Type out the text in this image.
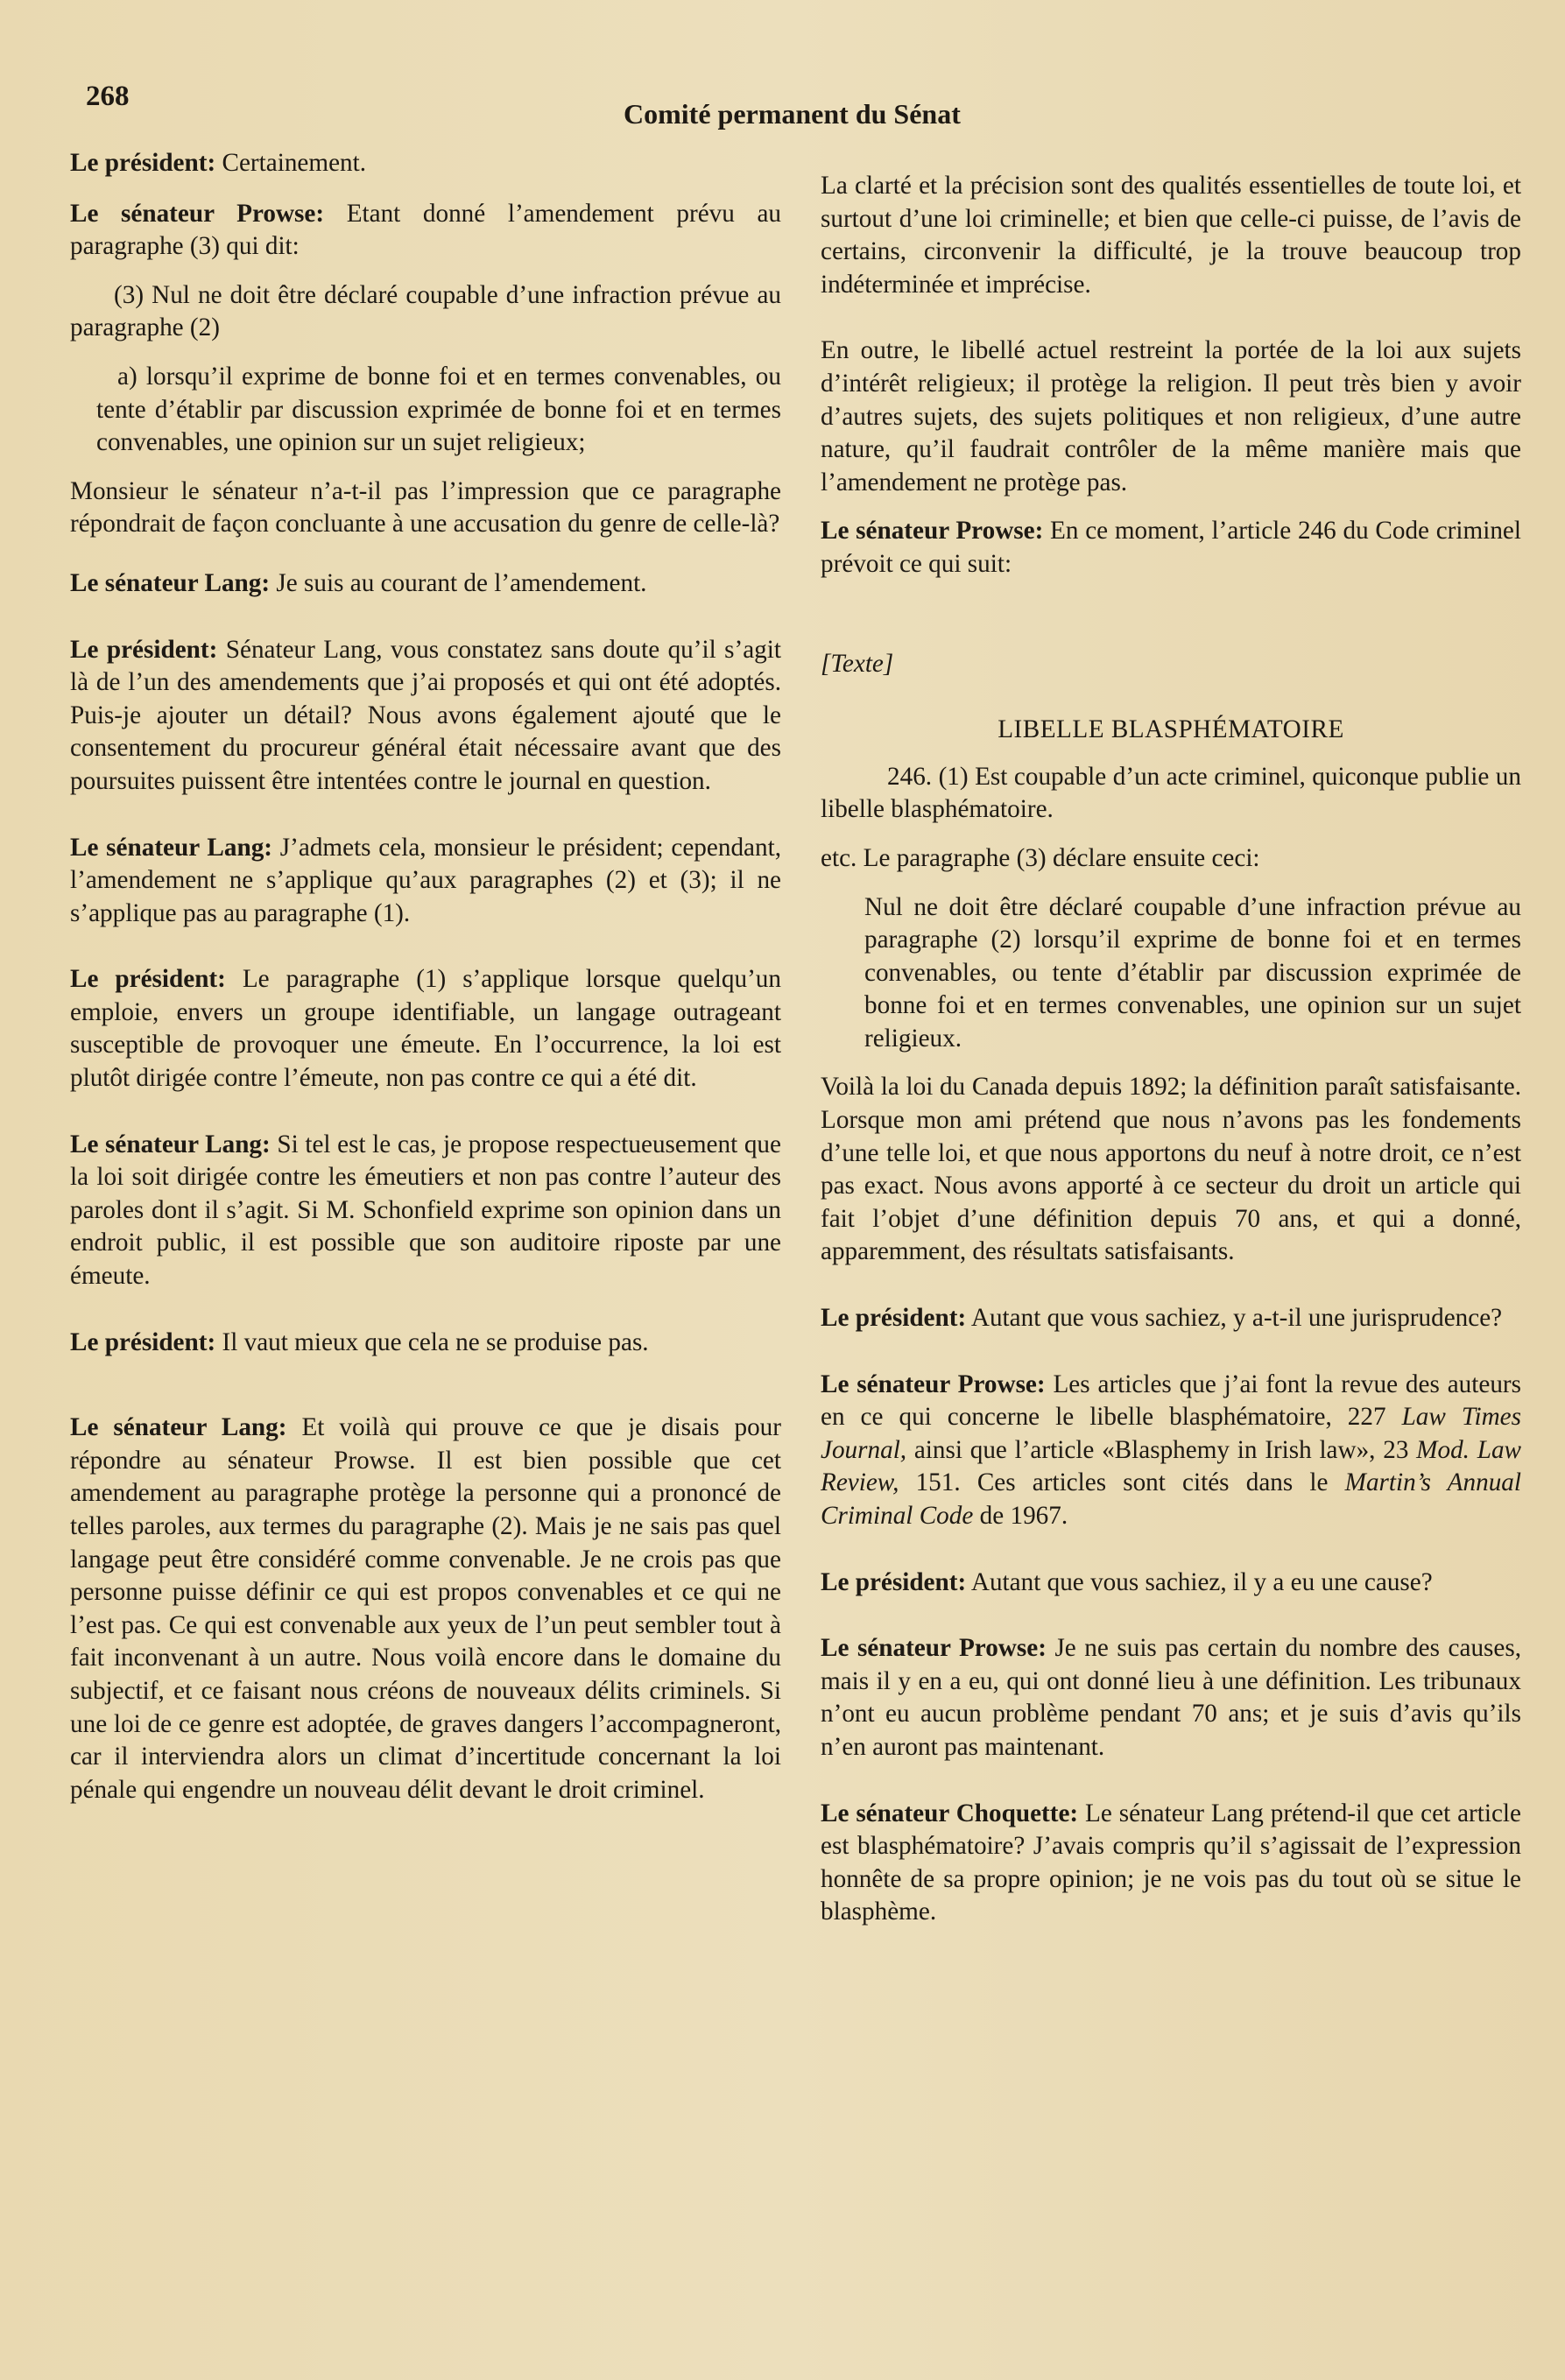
268
Comité permanent du Sénat

Le président: Certainement.

Le sénateur Prowse: Etant donné l’amendement prévu au paragraphe (3) qui dit:

(3) Nul ne doit être déclaré coupable d’une infraction prévue au paragraphe (2)

a) lorsqu’il exprime de bonne foi et en termes convenables, ou tente d’établir par discussion exprimée de bonne foi et en termes convenables, une opinion sur un sujet religieux;

Monsieur le sénateur n’a-t-il pas l’impression que ce paragraphe répondrait de façon concluante à une accusation du genre de celle-là?

Le sénateur Lang: Je suis au courant de l’amendement.

Le président: Sénateur Lang, vous constatez sans doute qu’il s’agit là de l’un des amendements que j’ai proposés et qui ont été adoptés. Puis-je ajouter un détail? Nous avons également ajouté que le consentement du procureur général était nécessaire avant que des poursuites puissent être intentées contre le journal en question.

Le sénateur Lang: J’admets cela, monsieur le président; cependant, l’amendement ne s’applique qu’aux paragraphes (2) et (3); il ne s’applique pas au paragraphe (1).

Le président: Le paragraphe (1) s’applique lorsque quelqu’un emploie, envers un groupe identifiable, un langage outrageant susceptible de provoquer une émeute. En l’occurrence, la loi est plutôt dirigée contre l’émeute, non pas contre ce qui a été dit.

Le sénateur Lang: Si tel est le cas, je propose respectueusement que la loi soit dirigée contre les émeutiers et non pas contre l’auteur des paroles dont il s’agit. Si M. Schonfield exprime son opinion dans un endroit public, il est possible que son auditoire riposte par une émeute.

Le président: Il vaut mieux que cela ne se produise pas.

Le sénateur Lang: Et voilà qui prouve ce que je disais pour répondre au sénateur Prowse. Il est bien possible que cet amendement au paragraphe protège la personne qui a prononcé de telles paroles, aux termes du paragraphe (2). Mais je ne sais pas quel langage peut être considéré comme convenable. Je ne crois pas que personne puisse définir ce qui est propos convenables et ce qui ne l’est pas. Ce qui est convenable aux yeux de l’un peut sembler tout à fait inconvenant à un autre. Nous voilà encore dans le domaine du subjectif, et ce faisant nous créons de nouveaux délits criminels. Si une loi de ce genre est adoptée, de graves dangers l’accompagneront, car il interviendra alors un climat d’incertitude concernant la loi pénale qui engendre un nouveau délit devant le droit criminel.

La clarté et la précision sont des qualités essentielles de toute loi, et surtout d’une loi criminelle; et bien que celle-ci puisse, de l’avis de certains, circonvenir la difficulté, je la trouve beaucoup trop indéterminée et imprécise.

En outre, le libellé actuel restreint la portée de la loi aux sujets d’intérêt religieux; il protège la religion. Il peut très bien y avoir d’autres sujets, des sujets politiques et non religieux, d’une autre nature, qu’il faudrait contrôler de la même manière mais que l’amendement ne protège pas.

Le sénateur Prowse: En ce moment, l’article 246 du Code criminel prévoit ce qui suit:

[Texte]

LIBELLE BLASPHÉMATOIRE

246. (1) Est coupable d’un acte criminel, quiconque publie un libelle blasphématoire.

etc. Le paragraphe (3) déclare ensuite ceci:

Nul ne doit être déclaré coupable d’une infraction prévue au paragraphe (2) lorsqu’il exprime de bonne foi et en termes convenables, ou tente d’établir par discussion exprimée de bonne foi et en termes convenables, une opinion sur un sujet religieux.

Voilà la loi du Canada depuis 1892; la définition paraît satisfaisante. Lorsque mon ami prétend que nous n’avons pas les fondements d’une telle loi, et que nous apportons du neuf à notre droit, ce n’est pas exact. Nous avons apporté à ce secteur du droit un article qui fait l’objet d’une définition depuis 70 ans, et qui a donné, apparemment, des résultats satisfaisants.

Le président: Autant que vous sachiez, y a-t-il une jurisprudence?

Le sénateur Prowse: Les articles que j’ai font la revue des auteurs en ce qui concerne le libelle blasphématoire, 227 Law Times Journal, ainsi que l’article «Blasphemy in Irish law», 23 Mod. Law Review, 151. Ces articles sont cités dans le Martin’s Annual Criminal Code de 1967.

Le président: Autant que vous sachiez, il y a eu une cause?

Le sénateur Prowse: Je ne suis pas certain du nombre des causes, mais il y en a eu, qui ont donné lieu à une définition. Les tribunaux n’ont eu aucun problème pendant 70 ans; et je suis d’avis qu’ils n’en auront pas maintenant.

Le sénateur Choquette: Le sénateur Lang prétend-il que cet article est blasphématoire? J’avais compris qu’il s’agissait de l’expression honnête de sa propre opinion; je ne vois pas du tout où se situe le blasphème.
